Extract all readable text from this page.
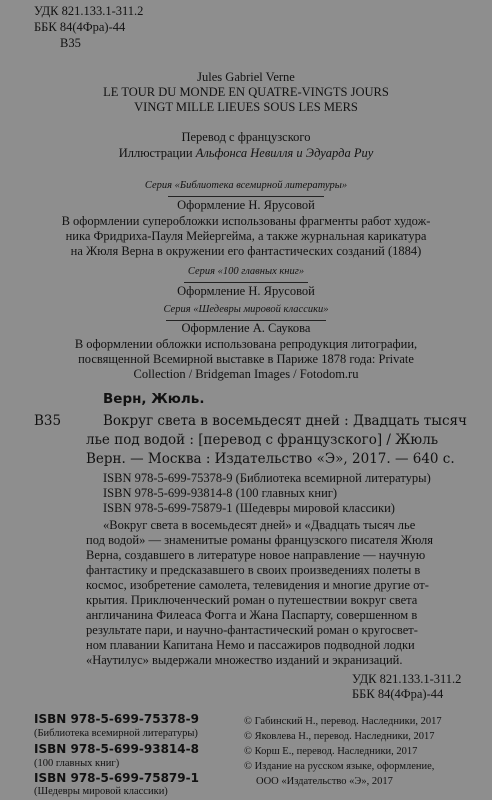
УДК 821.133.1-311.2
ББК 84(4Фра)-44
В35
Jules Gabriel Verne
LE TOUR DU MONDE EN QUATRE-VINGTS JOURS
VINGT MILLE LIEUES SOUS LES MERS
Перевод с французского
Иллюстрации Альфонса Невилля и Эдуарда Риу
Серия «Библиотека всемирной литературы»
Оформление Н. Ярусовой
В оформлении суперобложки использованы фрагменты работ худож-
ника Фридриха-Пауля Мейергейма, а также журнальная карикатура
на Жюля Верна в окружении его фантастических созданий (1884)
Серия «100 главных книг»
Оформление Н. Ярусовой
Серия «Шедевры мировой классики»
Оформление А. Саукова
В оформлении обложки использована репродукция литографии,
посвященной Всемирной выставке в Париже 1878 года: Private
Collection / Bridgeman Images / Fotodom.ru
Верн, Жюль.
В35	Вокруг света в восемьдесят дней : Двадцать тысяч
лье под водой : [перевод с французского] / Жюль
Верн. — Москва : Издательство «Э», 2017. — 640 с.
ISBN 978-5-699-75378-9 (Библиотека всемирной литературы)
ISBN 978-5-699-93814-8 (100 главных книг)
ISBN 978-5-699-75879-1 (Шедевры мировой классики)
«Вокруг света в восемьдесят дней» и «Двадцать тысяч лье
под водой» — знаменитые романы французского писателя Жюля
Верна, создавшего в литературе новое направление — научную
фантастику и предсказавшего в своих произведениях полеты в
космос, изобретение самолета, телевидения и многие другие от-
крытия. Приключенческий роман о путешествии вокруг света
англичанина Филеаса Фогга и Жана Паспарту, совершенном в
результате пари, и научно-фантастический роман о кругосвет-
ном плавании Капитана Немо и пассажиров подводной лодки
«Наутилус» выдержали множество изданий и экранизаций.
УДК 821.133.1-311.2
ББК 84(4Фра)-44
ISBN 978-5-699-75378-9
(Библиотека всемирной литературы)
ISBN 978-5-699-93814-8
(100 главных книг)
ISBN 978-5-699-75879-1
(Шедевры мировой классики)
© Габинский Н., перевод. Наследники, 2017
© Яковлева Н., перевод. Наследники, 2017
© Корш Е., перевод. Наследники, 2017
© Издание на русском языке, оформление,
ООО «Издательство «Э», 2017
